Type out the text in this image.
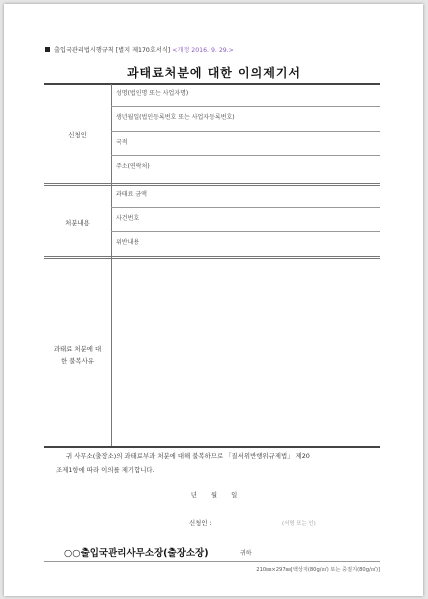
출입국관리법시행규칙 [별지 제170호서식] <개정 2016. 9. 29.>
과태료처분에 대한 이의제기서
신청인
성명(법인명 또는 사업자명)
생년월일(법인등록번호 또는 사업자등록번호)
국적
주소(연락처)
처분내용
과태료 금액
사건번호
위반내용
과태료 처분에 대
한 불복사유
귀 사무소(출장소)의 과태료부과 처분에 대해 불복하므로 「질서위반행위규제법」 제20
조제1항에 따라 이의를 제기합니다.
년 월 일
신청인 :	(서명 또는 인)
○○출입국관리사무소장(출장소장)	귀하
210㎜×297㎜[백상지(80g/㎡) 또는 중질지(80g/㎡)]
